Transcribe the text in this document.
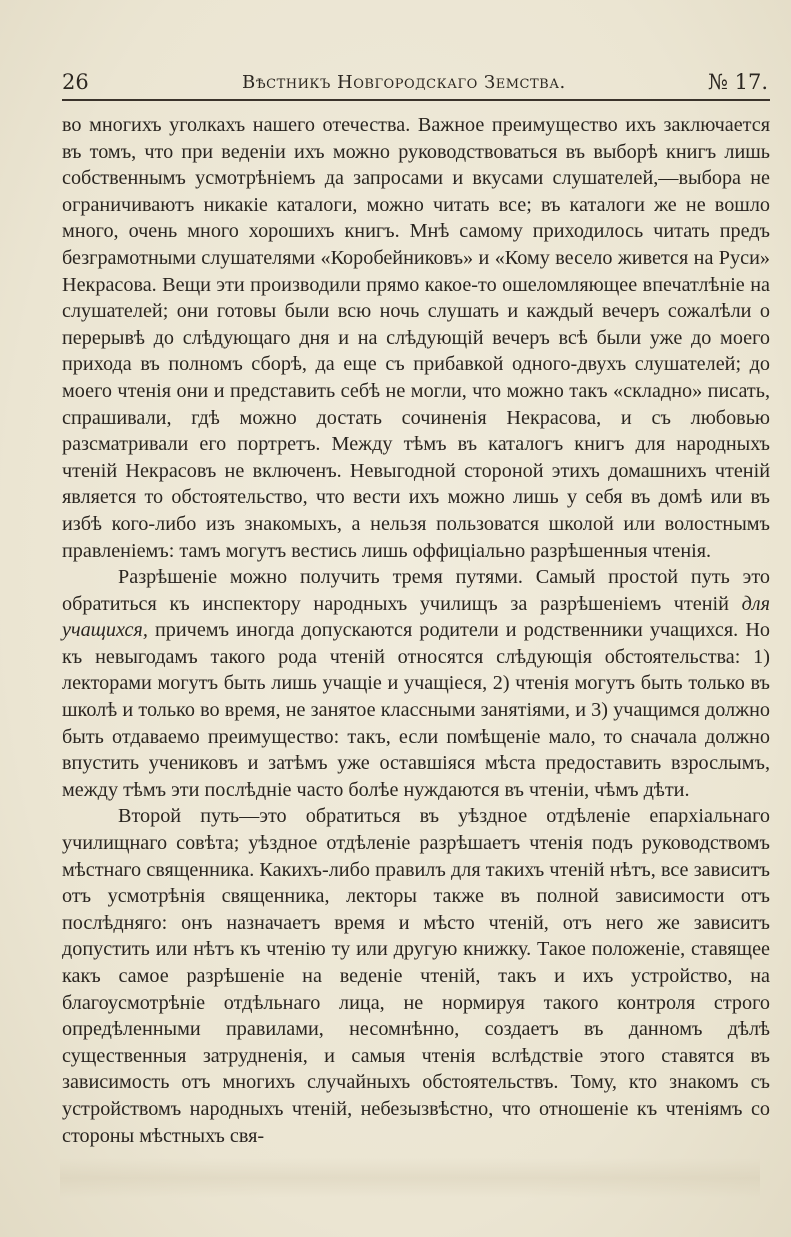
26	Вѣстникъ Новгородскаго Земства.	№ 17.

во многихъ уголкахъ нашего отечества. Важное преимущество ихъ заключается въ томъ, что при веденіи ихъ можно руководствоваться въ выборѣ книгъ лишь собственнымъ усмотрѣніемъ да запросами и вкусами слушателей,—выбора не ограничиваютъ никакіе каталоги, можно читать все; въ каталоги же не вошло много, очень много хорошихъ книгъ. Мнѣ самому приходилось читать предъ безграмотными слушателями «Коробейниковъ» и «Кому весело живется на Руси» Некрасова. Вещи эти производили прямо какое-то ошеломляющее впечатлѣніе на слушателей; они готовы были всю ночь слушать и каждый вечеръ сожалѣли о перерывѣ до слѣдующаго дня и на слѣдующій вечеръ всѣ были уже до моего прихода въ полномъ сборѣ, да еще съ прибавкой одного-двухъ слушателей; до моего чтенія они и представить себѣ не могли, что можно такъ «складно» писать, спрашивали, гдѣ можно достать сочиненія Некрасова, и съ любовью разсматривали его портретъ. Между тѣмъ въ каталогъ книгъ для народныхъ чтеній Некрасовъ не включенъ. Невыгодной стороной этихъ домашнихъ чтеній является то обстоятельство, что вести ихъ можно лишь у себя въ домѣ или въ избѣ кого-либо изъ знакомыхъ, а нельзя пользоватся школой или волостнымъ правленіемъ: тамъ могутъ вестись лишь оффиціально разрѣшенныя чтенія.

Разрѣшеніе можно получить тремя путями. Самый простой путь это обратиться къ инспектору народныхъ училищъ за разрѣшеніемъ чтеній для учащихся, причемъ иногда допускаются родители и родственники учащихся. Но къ невыгодамъ такого рода чтеній относятся слѣдующія обстоятельства: 1) лекторами могутъ быть лишь учащіе и учащіеся, 2) чтенія могутъ быть только въ школѣ и только во время, не занятое классными занятіями, и 3) учащимся должно быть отдаваемо преимущество: такъ, если помѣщеніе мало, то сначала должно впустить учениковъ и затѣмъ уже оставшіяся мѣста предоставить взрослымъ, между тѣмъ эти послѣдніе часто болѣе нуждаются въ чтеніи, чѣмъ дѣти.

Второй путь—это обратиться въ уѣздное отдѣленіе епархіальнаго училищнаго совѣта; уѣздное отдѣленіе разрѣшаетъ чтенія подъ руководствомъ мѣстнаго священника. Какихъ-либо правилъ для такихъ чтеній нѣтъ, все зависитъ отъ усмотрѣнія священника, лекторы также въ полной зависимости отъ послѣдняго: онъ назначаетъ время и мѣсто чтеній, отъ него же зависитъ допустить или нѣтъ къ чтенію ту или другую книжку. Такое положеніе, ставящее какъ самое разрѣшеніе на веденіе чтеній, такъ и ихъ устройство, на благоусмотрѣніе отдѣльнаго лица, не нормируя такого контроля строго опредѣленными правилами, несомнѣнно, создаетъ въ данномъ дѣлѣ существенныя затрудненія, и самыя чтенія вслѣдствіе этого ставятся въ зависимость отъ многихъ случайныхъ обстоятельствъ. Тому, кто знакомъ съ устройствомъ народныхъ чтеній, небезызвѣстно, что отношеніе къ чтеніямъ со стороны мѣстныхъ свя-
